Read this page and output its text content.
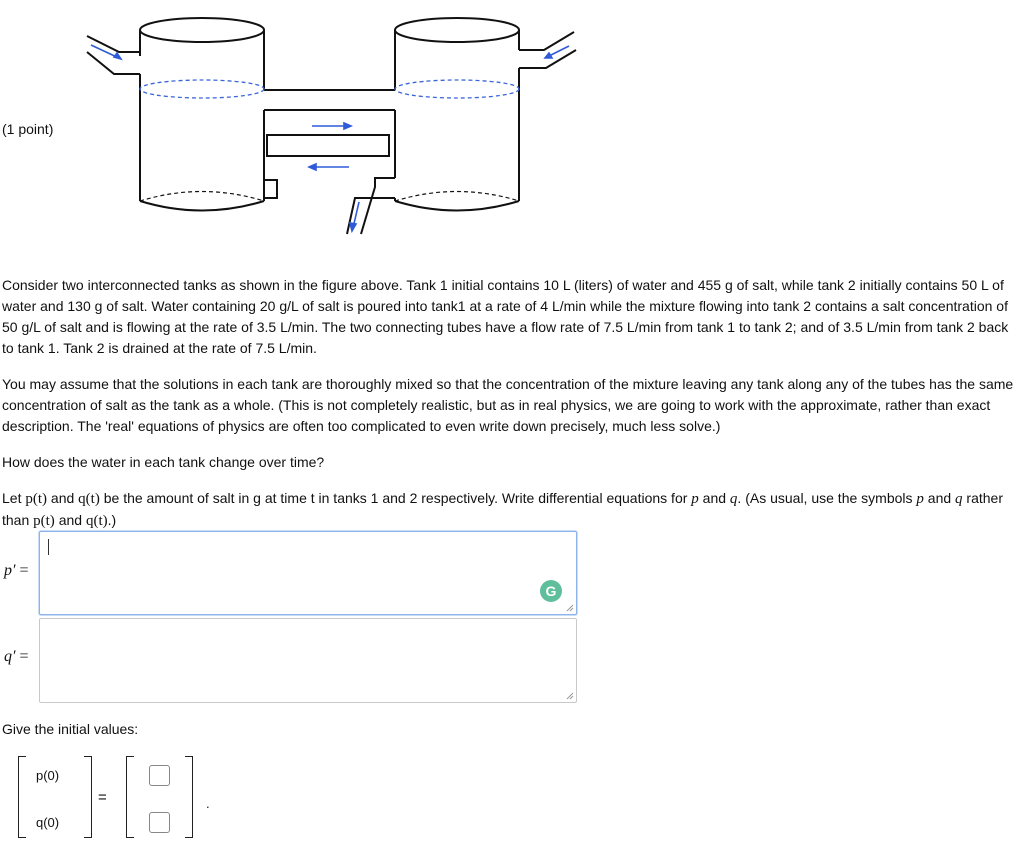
(1 point)
Consider two interconnected tanks as shown in the figure above. Tank 1 initial contains 10 L (liters) of water and 455 g of salt, while tank 2 initially contains 50 L of water and 130 g of salt. Water containing 20 g/L of salt is poured into tank1 at a rate of 4 L/min while the mixture flowing into tank 2 contains a salt concentration of 50 g/L of salt and is flowing at the rate of 3.5 L/min. The two connecting tubes have a flow rate of 7.5 L/min from tank 1 to tank 2; and of 3.5 L/min from tank 2 back to tank 1. Tank 2 is drained at the rate of 7.5 L/min.
You may assume that the solutions in each tank are thoroughly mixed so that the concentration of the mixture leaving any tank along any of the tubes has the same concentration of salt as the tank as a whole. (This is not completely realistic, but as in real physics, we are going to work with the approximate, rather than exact description. The 'real' equations of physics are often too complicated to even write down precisely, much less solve.)
How does the water in each tank change over time?
Let p(t) and q(t) be the amount of salt in g at time t in tanks 1 and 2 respectively. Write differential equations for p and q. (As usual, use the symbols p and q rather than p(t) and q(t).)
p′ =
G
q′ =
Give the initial values:
p(0)
q(0)
=	.
